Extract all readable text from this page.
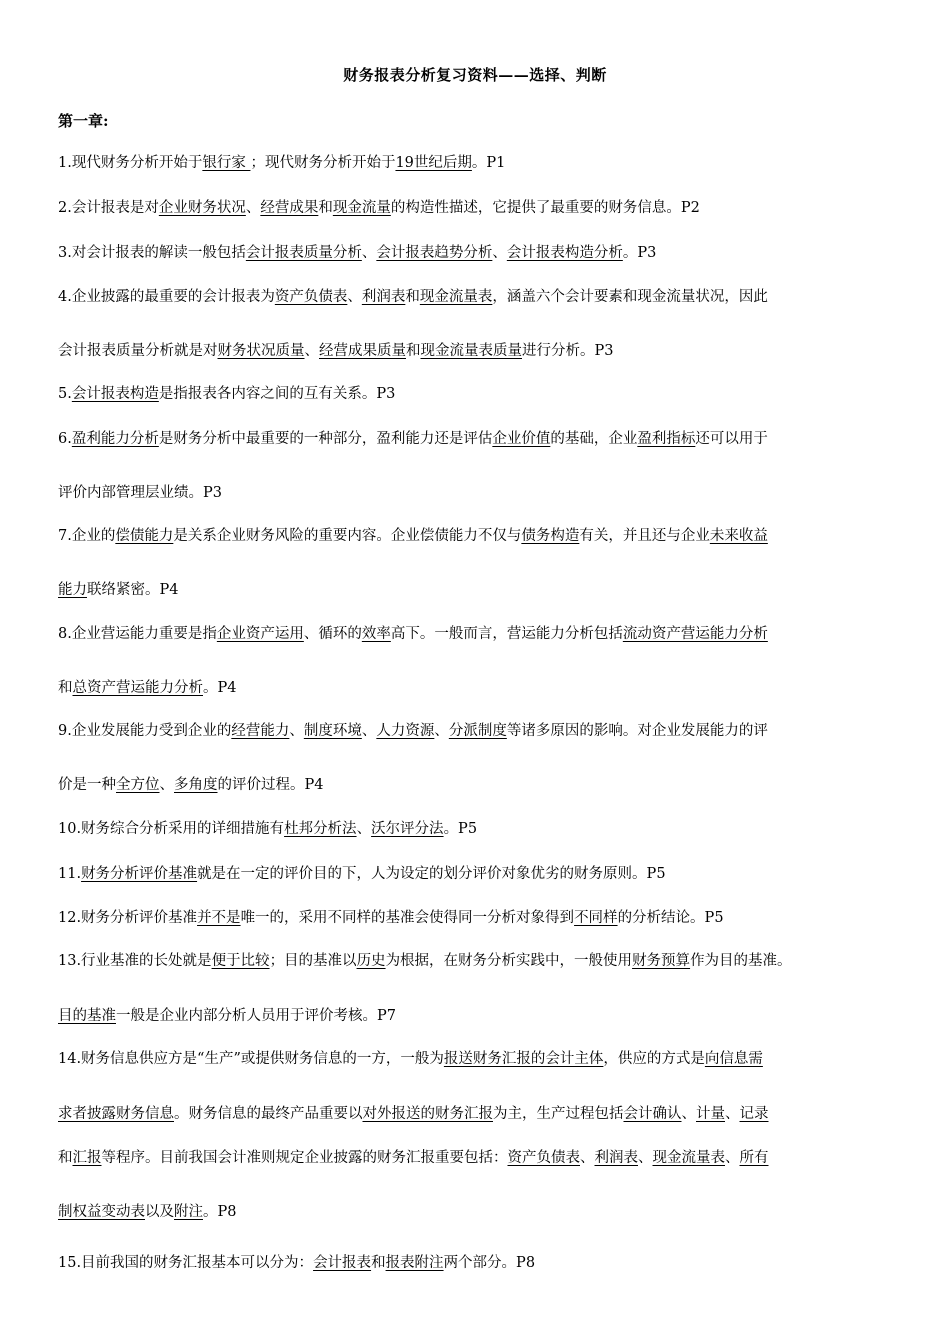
财务报表分析复习资料——选择、判断
第一章:
1.现代财务分析开始于银行家 ；现代财务分析开始于19世纪后期。P1
2.会计报表是对企业财务状况、经营成果和现金流量的构造性描述，它提供了最重要的财务信息。P2
3.对会计报表的解读一般包括会计报表质量分析、会计报表趋势分析、会计报表构造分析。P3
4.企业披露的最重要的会计报表为资产负债表、利润表和现金流量表，涵盖六个会计要素和现金流量状况，因此
会计报表质量分析就是对财务状况质量、经营成果质量和现金流量表质量进行分析。P3
5.会计报表构造是指报表各内容之间的互有关系。P3
6.盈利能力分析是财务分析中最重要的一种部分，盈利能力还是评估企业价值的基础，企业盈利指标还可以用于
评价内部管理层业绩。P3
7.企业的偿债能力是关系企业财务风险的重要内容。企业偿债能力不仅与债务构造有关，并且还与企业未来收益
能力联络紧密。P4
8.企业营运能力重要是指企业资产运用、循环的效率高下。一般而言，营运能力分析包括流动资产营运能力分析
和总资产营运能力分析。P4
9.企业发展能力受到企业的经营能力、制度环境、人力资源、分派制度等诸多原因的影响。对企业发展能力的评
价是一种全方位、多角度的评价过程。P4
10.财务综合分析采用的详细措施有杜邦分析法、沃尔评分法。P5
11.财务分析评价基准就是在一定的评价目的下，人为设定的划分评价对象优劣的财务原则。P5
12.财务分析评价基准并不是唯一的，采用不同样的基准会使得同一分析对象得到不同样的分析结论。P5
13.行业基准的长处就是便于比较；目的基准以历史为根据，在财务分析实践中，一般使用财务预算作为目的基准。
目的基准一般是企业内部分析人员用于评价考核。P7
14.财务信息供应方是“生产”或提供财务信息的一方，一般为报送财务汇报的会计主体，供应的方式是向信息需
求者披露财务信息。财务信息的最终产品重要以对外报送的财务汇报为主，生产过程包括会计确认、计量、记录
和汇报等程序。目前我国会计准则规定企业披露的财务汇报重要包括：资产负债表、利润表、现金流量表、所有
制权益变动表以及附注。P8
15.目前我国的财务汇报基本可以分为：会计报表和报表附注两个部分。P8
